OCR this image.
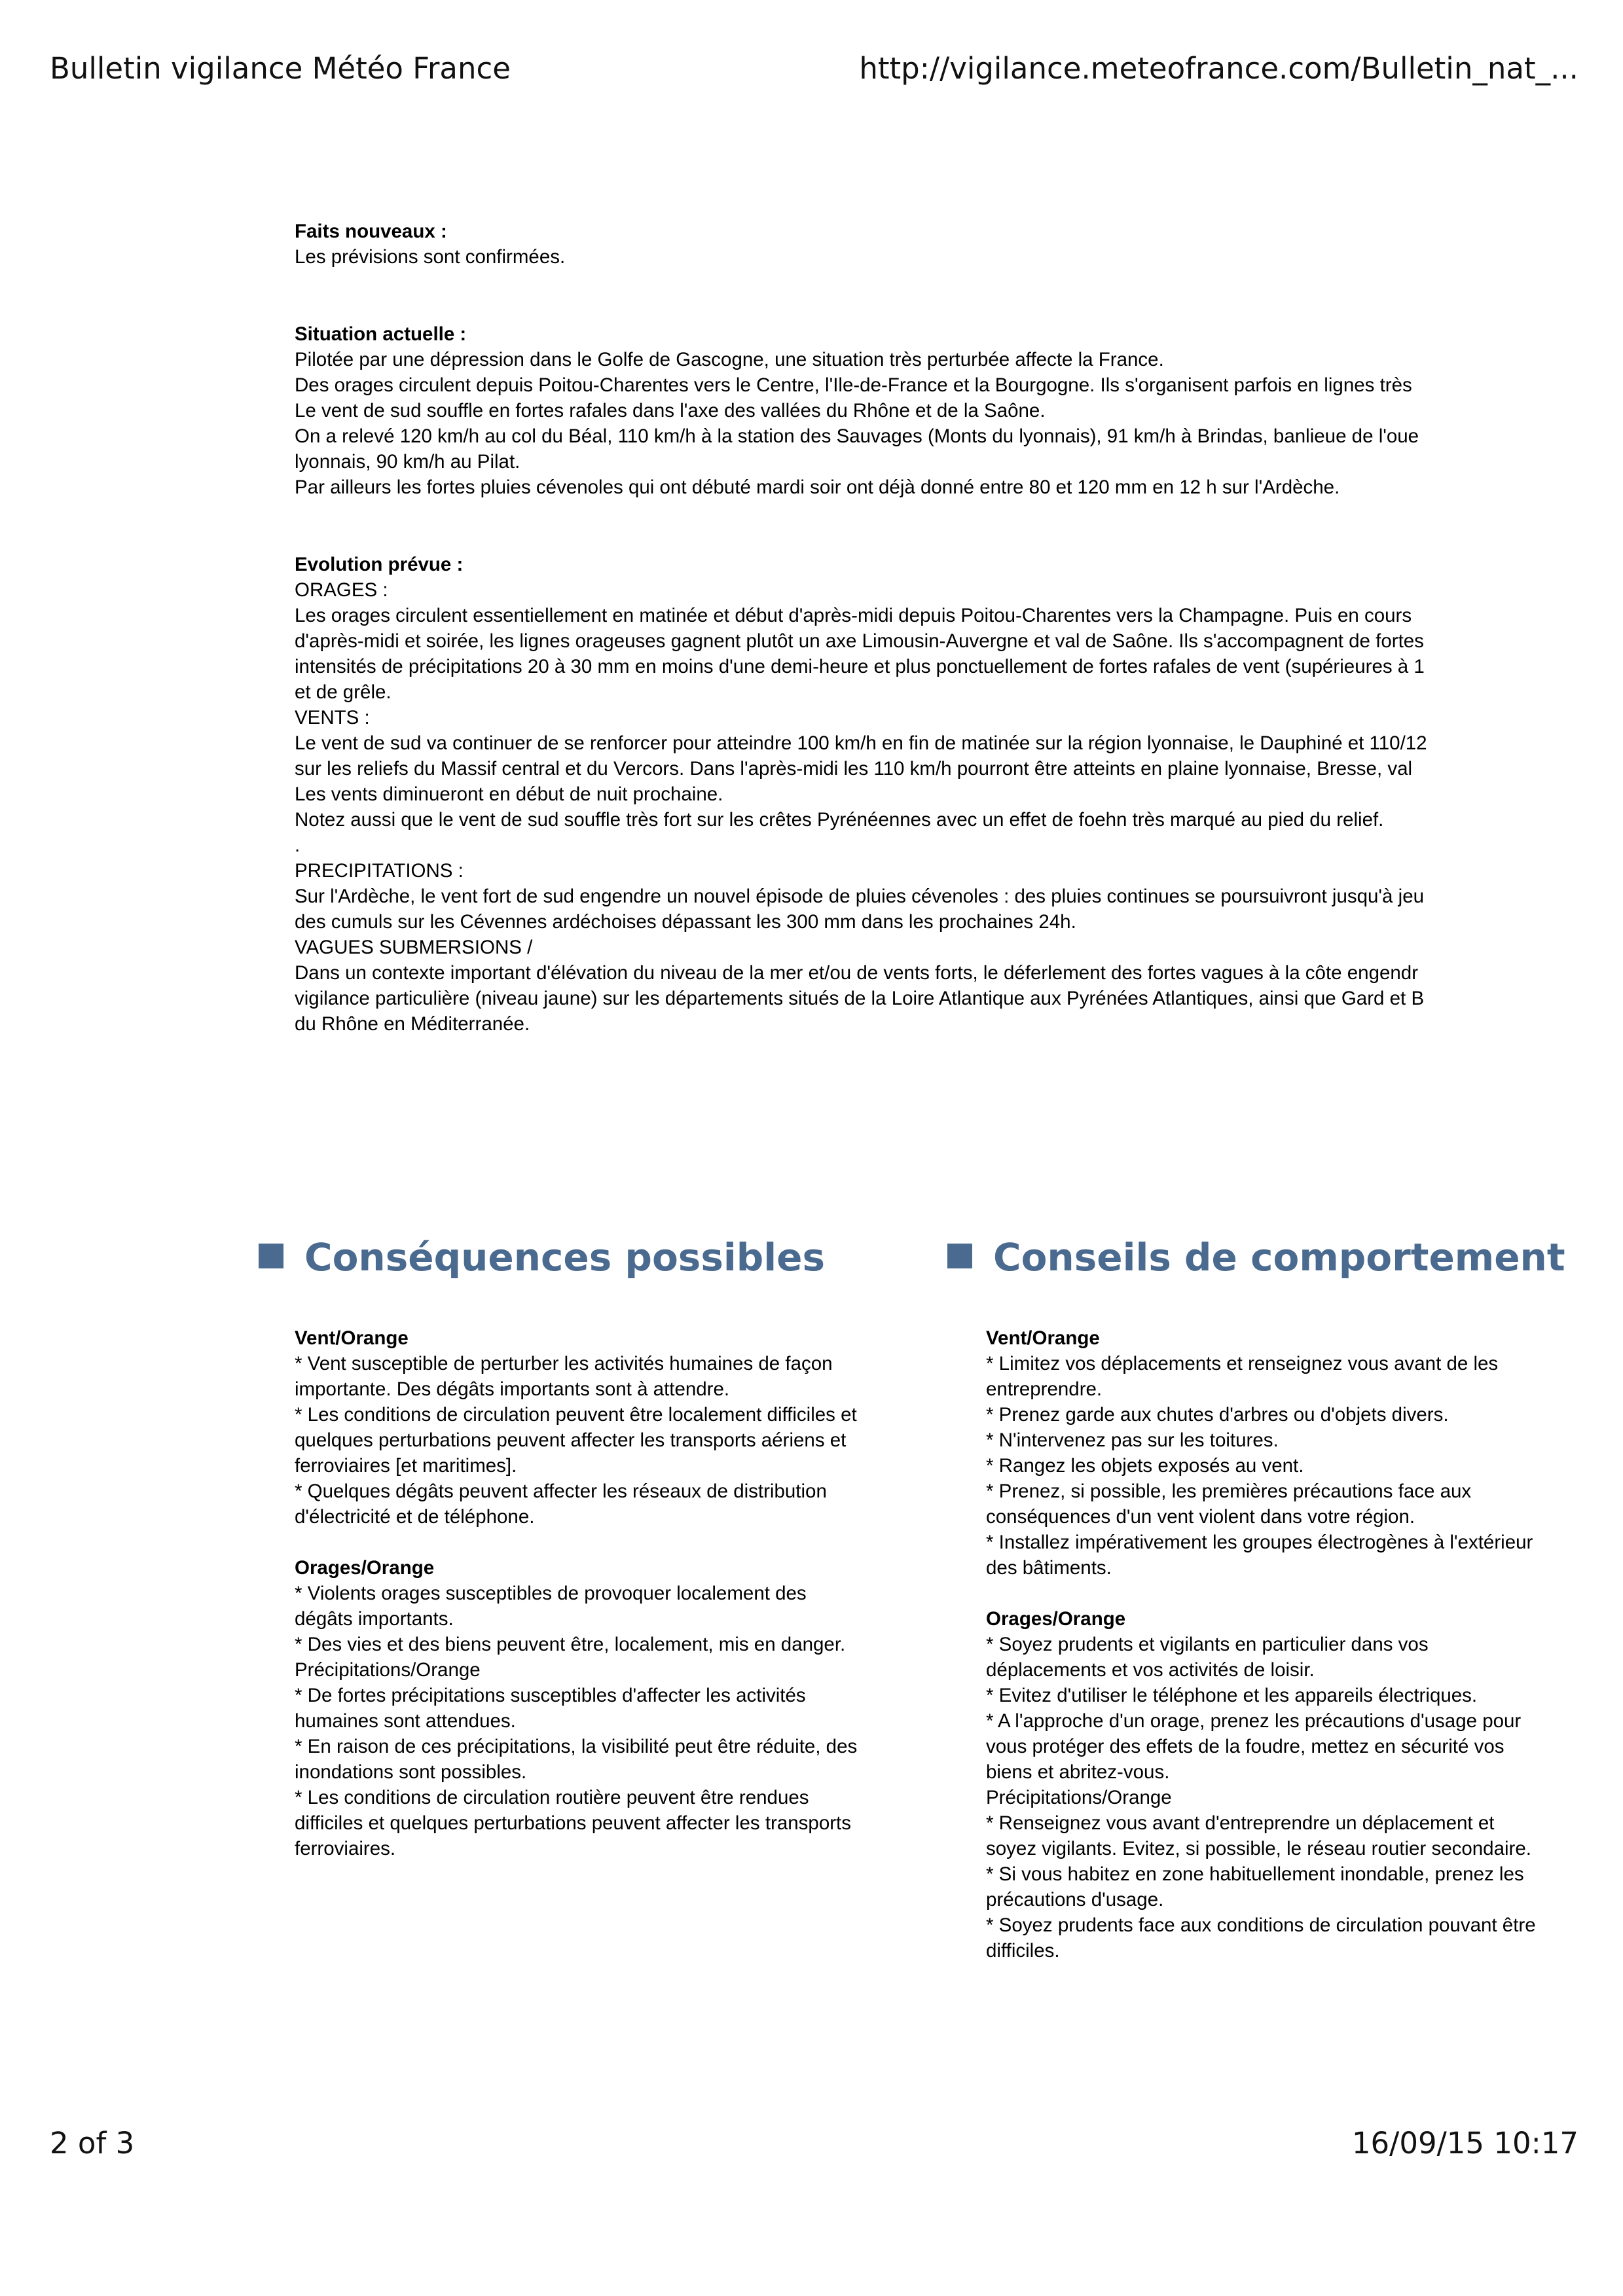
Bulletin vigilance Météo France	http://vigilance.meteofrance.com/Bulletin_nat_...
Faits nouveaux :
Les prévisions sont confirmées.
Situation actuelle :
Pilotée par une dépression dans le Golfe de Gascogne, une situation très perturbée affecte la France.
Des orages circulent depuis Poitou-Charentes vers le Centre, l'Ile-de-France et la Bourgogne. Ils s'organisent parfois en lignes très
Le vent de sud souffle en fortes rafales dans l'axe des vallées du Rhône et de la Saône.
On a relevé 120 km/h au col du Béal, 110 km/h à la station des Sauvages (Monts du lyonnais), 91 km/h à Brindas, banlieue de l'oue
lyonnais, 90 km/h au Pilat.
Par ailleurs les fortes pluies cévenoles qui ont débuté mardi soir ont déjà donné entre 80 et 120 mm en 12 h sur l'Ardèche.
Evolution prévue :
ORAGES :
Les orages circulent essentiellement en matinée et début d'après-midi depuis Poitou-Charentes vers la Champagne. Puis en cours
d'après-midi et soirée, les lignes orageuses gagnent plutôt un axe Limousin-Auvergne et val de Saône. Ils s'accompagnent de fortes
intensités de précipitations 20 à 30 mm en moins d'une demi-heure et plus ponctuellement de fortes rafales de vent (supérieures à 1
et de grêle.
VENTS :
Le vent de sud va continuer de se renforcer pour atteindre 100 km/h en fin de matinée sur la région lyonnaise, le Dauphiné et 110/12
sur les reliefs du Massif central et du Vercors. Dans l'après-midi les 110 km/h pourront être atteints en plaine lyonnaise, Bresse, val
Les vents diminueront en début de nuit prochaine.
Notez aussi que le vent de sud souffle très fort sur les crêtes Pyrénéennes avec un effet de foehn très marqué au pied du relief.
.
PRECIPITATIONS :
Sur l'Ardèche, le vent fort de sud engendre un nouvel épisode de pluies cévenoles : des pluies continues se poursuivront jusqu'à jeu
des cumuls sur les Cévennes ardéchoises dépassant les 300 mm dans les prochaines 24h.
VAGUES SUBMERSIONS /
Dans un contexte important d'élévation du niveau de la mer et/ou de vents forts, le déferlement des fortes vagues à la côte engendr
vigilance particulière (niveau jaune) sur les départements situés de la Loire Atlantique aux Pyrénées Atlantiques, ainsi que Gard et B
du Rhône en Méditerranée.
Conséquences possibles	Conseils de comportement
Vent/Orange
* Vent susceptible de perturber les activités humaines de façon
importante. Des dégâts importants sont à attendre.
* Les conditions de circulation peuvent être localement difficiles et
quelques perturbations peuvent affecter les transports aériens et
ferroviaires [et maritimes].
* Quelques dégâts peuvent affecter les réseaux de distribution
d'électricité et de téléphone.
Orages/Orange
* Violents orages susceptibles de provoquer localement des
dégâts importants.
* Des vies et des biens peuvent être, localement, mis en danger.
Précipitations/Orange
* De fortes précipitations susceptibles d'affecter les activités
humaines sont attendues.
* En raison de ces précipitations, la visibilité peut être réduite, des
inondations sont possibles.
* Les conditions de circulation routière peuvent être rendues
difficiles et quelques perturbations peuvent affecter les transports
ferroviaires.
Vent/Orange
* Limitez vos déplacements et renseignez vous avant de les
entreprendre.
* Prenez garde aux chutes d'arbres ou d'objets divers.
* N'intervenez pas sur les toitures.
* Rangez les objets exposés au vent.
* Prenez, si possible, les premières précautions face aux
conséquences d'un vent violent dans votre région.
* Installez impérativement les groupes électrogènes à l'extérieur
des bâtiments.
Orages/Orange
* Soyez prudents et vigilants en particulier dans vos
déplacements et vos activités de loisir.
* Evitez d'utiliser le téléphone et les appareils électriques.
* A l'approche d'un orage, prenez les précautions d'usage pour
vous protéger des effets de la foudre, mettez en sécurité vos
biens et abritez-vous.
Précipitations/Orange
* Renseignez vous avant d'entreprendre un déplacement et
soyez vigilants. Evitez, si possible, le réseau routier secondaire.
* Si vous habitez en zone habituellement inondable, prenez les
précautions d'usage.
* Soyez prudents face aux conditions de circulation pouvant être
difficiles.
2 of 3	16/09/15 10:17
